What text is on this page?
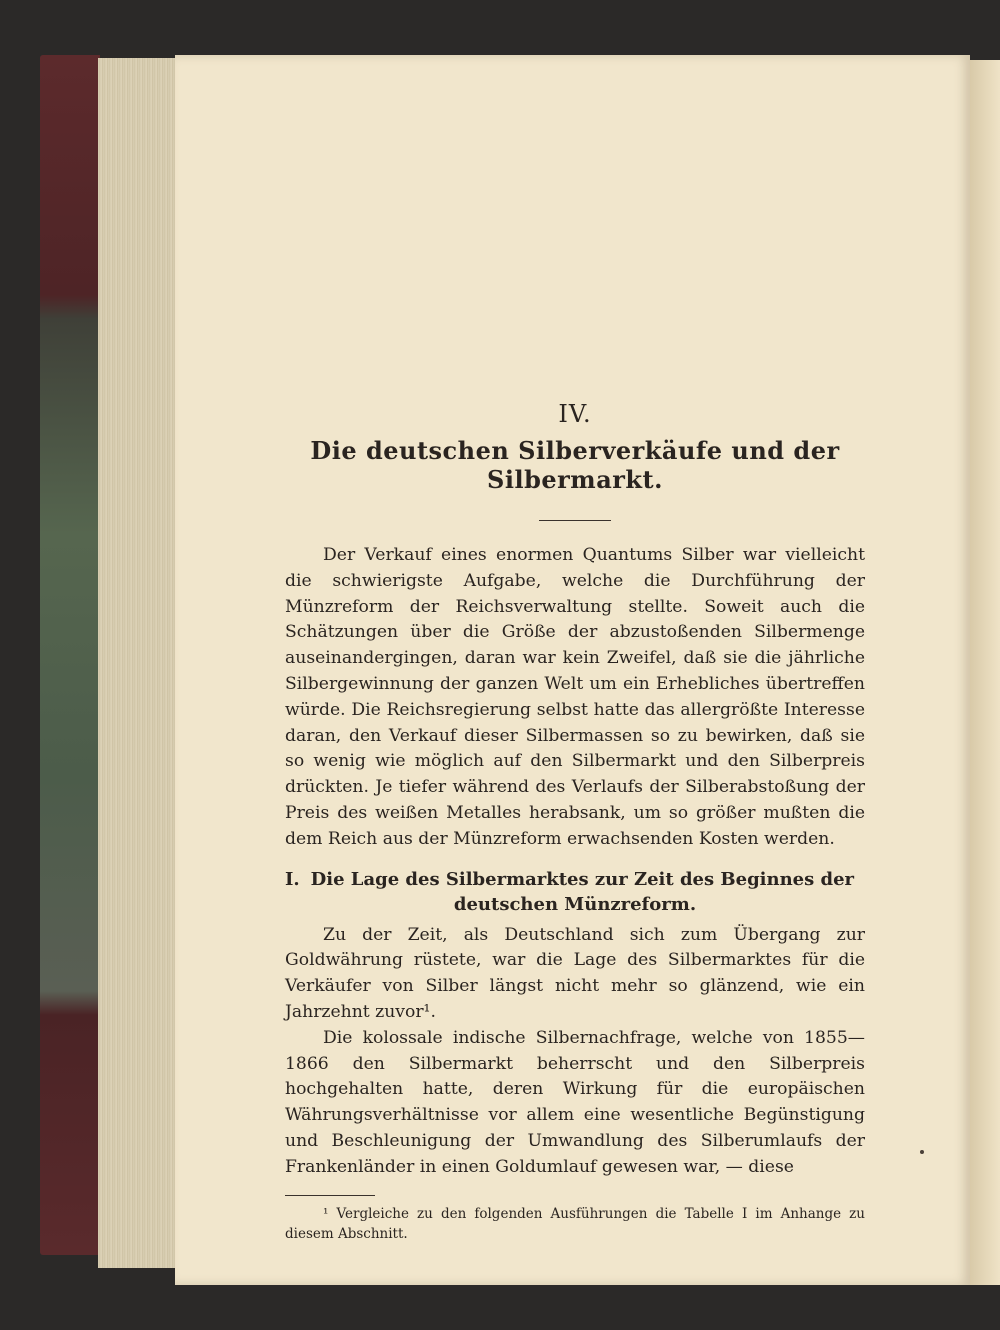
IV.

Die deutschen Silberverkäufe und der Silbermarkt.

Der Verkauf eines enormen Quantums Silber war vielleicht die schwierigste Aufgabe, welche die Durchführung der Münzreform der Reichsverwaltung stellte. Soweit auch die Schätzungen über die Größe der abzustoßenden Silbermenge auseinandergingen, daran war kein Zweifel, daß sie die jährliche Silbergewinnung der ganzen Welt um ein Erhebliches übertreffen würde. Die Reichsregierung selbst hatte das allergrößte Interesse daran, den Verkauf dieser Silbermassen so zu bewirken, daß sie so wenig wie möglich auf den Silbermarkt und den Silberpreis drückten. Je tiefer während des Verlaufs der Silberabstoßung der Preis des weißen Metalles herabsank, um so größer mußten die dem Reich aus der Münzreform erwachsenden Kosten werden.

I. Die Lage des Silbermarktes zur Zeit des Beginnes der deutschen Münzreform.

Zu der Zeit, als Deutschland sich zum Übergang zur Goldwährung rüstete, war die Lage des Silbermarktes für die Verkäufer von Silber längst nicht mehr so glänzend, wie ein Jahrzehnt zuvor¹.

Die kolossale indische Silbernachfrage, welche von 1855—1866 den Silbermarkt beherrscht und den Silberpreis hochgehalten hatte, deren Wirkung für die europäischen Währungsverhältnisse vor allem eine wesentliche Begünstigung und Beschleunigung der Umwandlung des Silberumlaufs der Frankenländer in einen Goldumlauf gewesen war, — diese

¹ Vergleiche zu den folgenden Ausführungen die Tabelle I im Anhange zu diesem Abschnitt.
